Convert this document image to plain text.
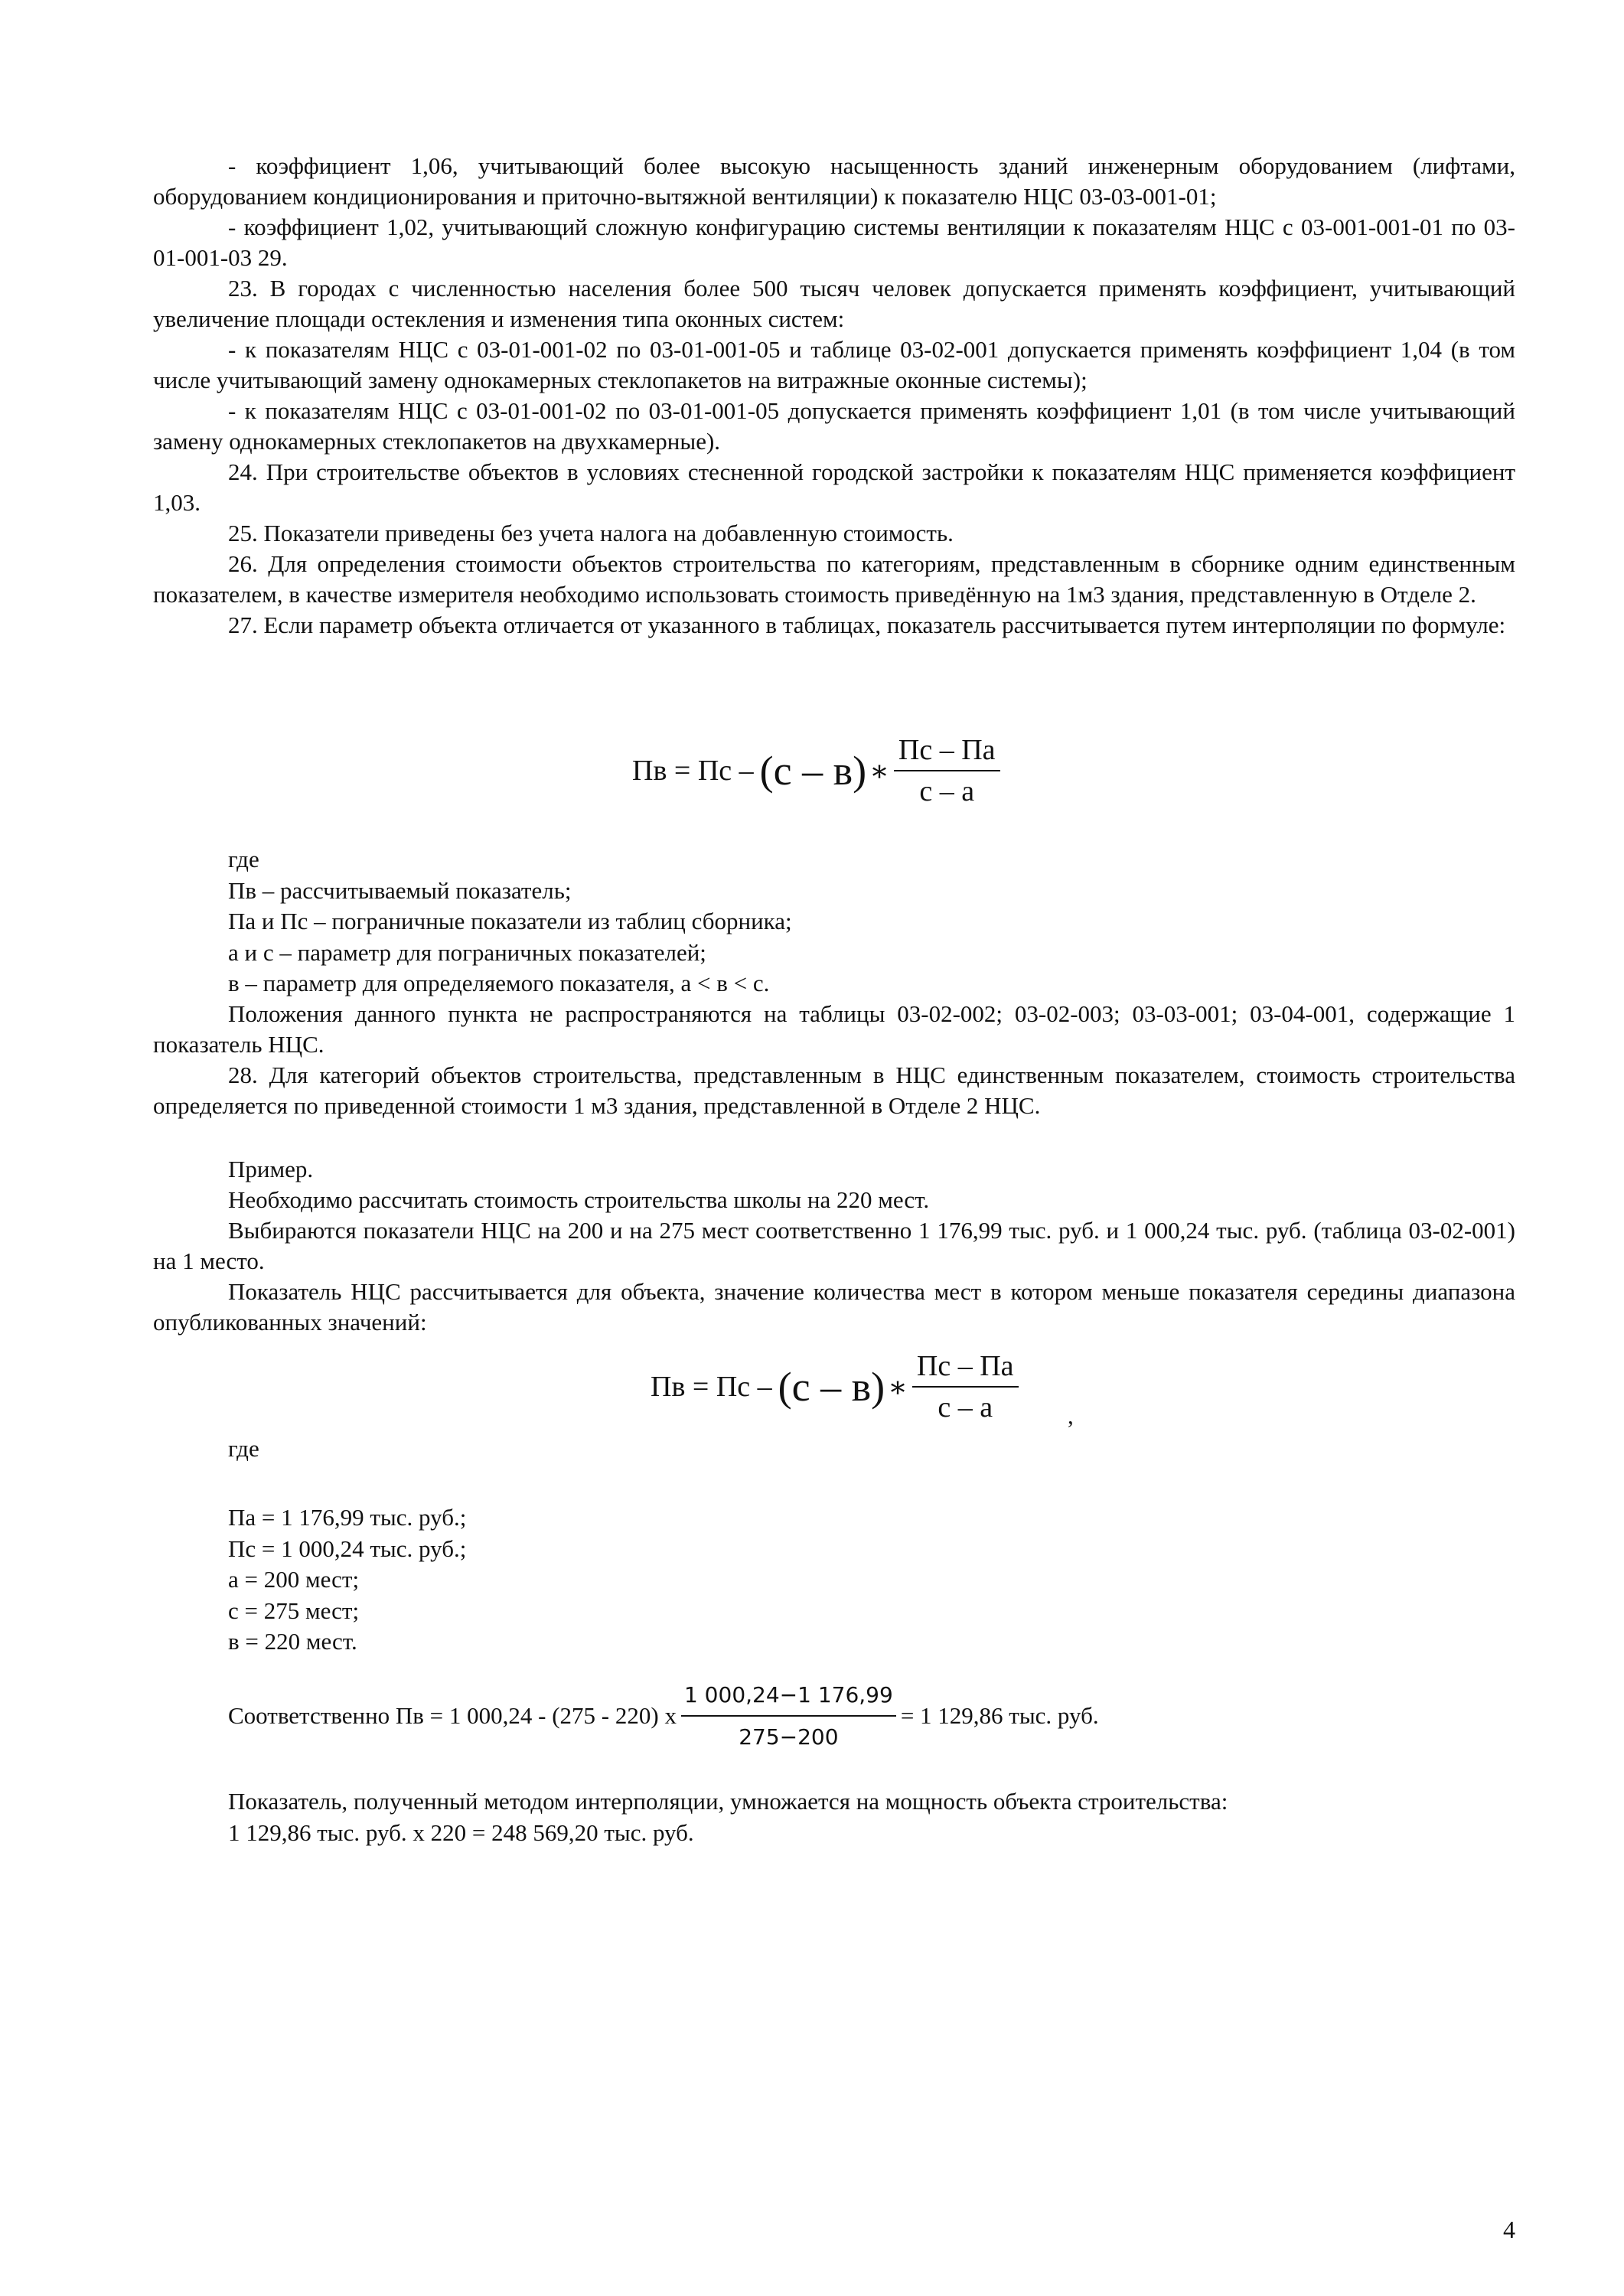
- коэффициент 1,06, учитывающий более высокую насыщенность зданий инженерным оборудованием (лифтами, оборудованием кондиционирования и приточно-вытяжной вентиляции) к показателю НЦС 03-03-001-01;

- коэффициент 1,02, учитывающий сложную конфигурацию системы вентиляции к показателям НЦС с 03-001-001-01 по 03-01-001-03 29.

23. В городах с численностью населения более 500 тысяч человек допускается применять коэффициент, учитывающий увеличение площади остекления и изменения типа оконных систем:

- к показателям НЦС с 03-01-001-02 по 03-01-001-05 и таблице 03-02-001 допускается применять коэффициент 1,04 (в том числе учитывающий замену однокамерных стеклопакетов на витражные оконные системы);

- к показателям НЦС с 03-01-001-02 по 03-01-001-05 допускается применять коэффициент 1,01 (в том числе учитывающий замену однокамерных стеклопакетов на двухкамерные).

24. При строительстве объектов в условиях стесненной городской застройки к показателям НЦС применяется коэффициент 1,03.

25. Показатели приведены без учета налога на добавленную стоимость.

26. Для определения стоимости объектов строительства по категориям, представленным в сборнике одним единственным показателем, в качестве измерителя необходимо использовать стоимость приведённую на 1м3 здания, представленную в Отделе 2.

27. Если параметр объекта отличается от указанного в таблицах, показатель рассчитывается путем интерполяции по формуле:

Пв = Пс – (с – в) ∗ $\frac{Пс - Па}{с - а}$

где

Пв – рассчитываемый показатель;

Па и Пс – пограничные показатели из таблиц сборника;

а и с – параметр для пограничных показателей;

в – параметр для определяемого показателя, а < в < с.

Положения данного пункта не распространяются на таблицы 03-02-002; 03-02-003; 03-03-001; 03-04-001, содержащие 1 показатель НЦС.

28. Для категорий объектов строительства, представленным в НЦС единственным показателем, стоимость строительства определяется по приведенной стоимости 1 м3 здания, представленной в Отделе 2 НЦС.

Пример.

Необходимо рассчитать стоимость строительства школы на 220 мест.

Выбираются показатели НЦС на 200 и на 275 мест соответственно 1 176,99 тыс. руб. и 1 000,24 тыс. руб. (таблица 03-02-001) на 1 место.

Показатель НЦС рассчитывается для объекта, значение количества мест в котором меньше показателя середины диапазона опубликованных значений:

Пв = Пс – (с – в) ∗ $\frac{Пс - Па}{с - а}$ ,

где

Па = 1 176,99 тыс. руб.;

Пс = 1 000,24 тыс. руб.;

а = 200 мест;

с = 275 мест;

в = 220 мест.

Соответственно Пв = 1 000,24 - (275 - 220) х $\frac{1 000,24-1 176,99}{275-200} = 1$ 129,86 тыс. руб.

Показатель, полученный методом интерполяции, умножается на мощность объекта строительства:

1 129,86 тыс. руб. х 220 = 248 569,20 тыс. руб.

4
